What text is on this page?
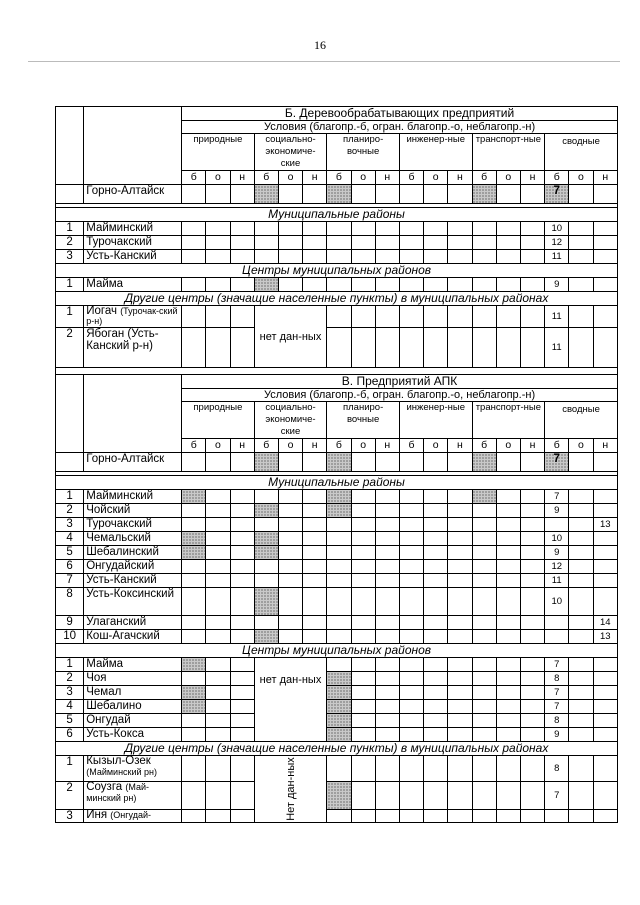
16
		Б. Деревообрабатывающих предприятий																	
		Условия (благопр.-б, огран. благопр.-о, неблагопр.-н)																	
		природные			социально-экономиче-ские			планиро-вочные			инженер-ные			транспорт-ные			сводные		
		б	о	н	б	о	н	б	о	н	б	о	н	б	о	н	б	о	н

	Горно-Алтайск																7		

Муниципальные районы																			
1	Майминский																10		
2	Турочакский																12		
3	Усть-Канский																11		
Центры муниципальных районов																			
1	Майма																9		
Другие центры (значащие населенные пункты) в муниципальных районах																			
1	Иогач (Турочак-ский р-н)				нет дан-ных												11		
2	Ябоган (Усть-Канский р-н)																11		

		В. Предприятий АПК																	
		Условия (благопр.-б, огран. благопр.-о, неблагопр.-н)																	
		природные			социально-экономиче-ские			планиро-вочные			инженер-ные			транспорт-ные			сводные		
		б	о	н	б	о	н	б	о	н	б	о	н	б	о	н	б	о	н

	Горно-Алтайск																7		

Муниципальные районы																			
1	Майминский																7		
2	Чойский																9		
3	Турочакский																		13
4	Чемальский																10		
5	Шебалинский																9		
6	Онгудайский																12		
7	Усть-Канский																11		
8	Усть-Коксинский																10		
9	Улаганский																		14
10	Кош-Агачский																		13
Центры муниципальных районов																			
1	Майма				нет дан-ных												7		
2	Чоя																8		
3	Чемал																7		
4	Шебалино																7		
5	Онгудай																8		
6	Усть-Кокса																9		
Другие центры (значащие населенные пункты) в муниципальных районах																			
1	Кызыл-Озек
(Майминский рн)				Нет дан-ных												8		
2	Соузга (Май-минский рн)																7		
3	Иня (Онгудай-																		
